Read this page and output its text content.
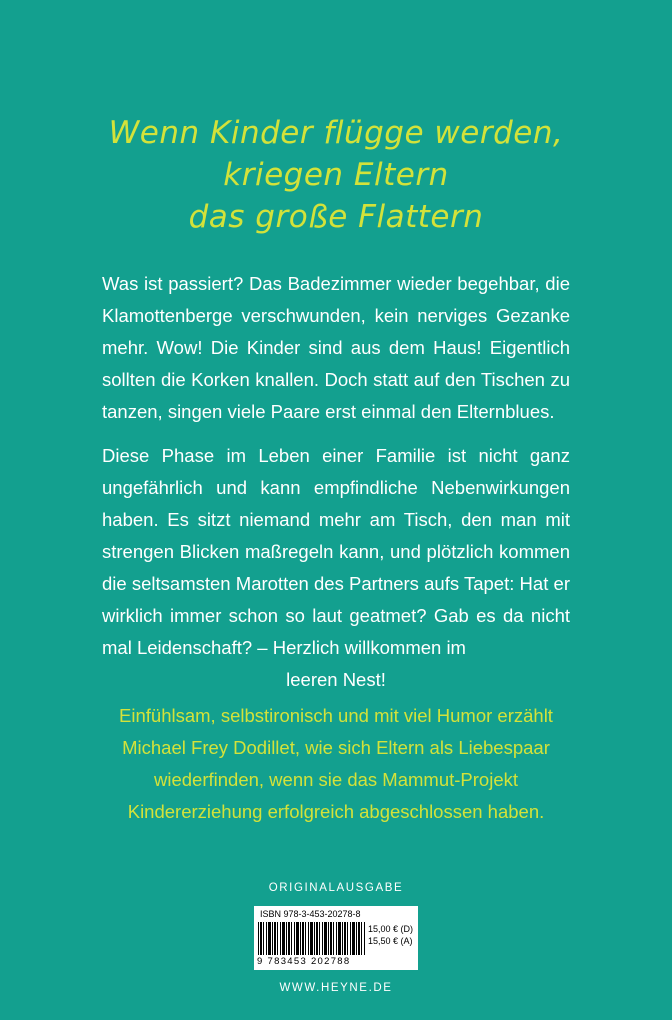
Wenn Kinder flügge werden,
kriegen Eltern
das große Flattern

Was ist passiert? Das Badezimmer wieder begehbar, die Klamottenberge verschwunden, kein nerviges Gezanke mehr. Wow! Die Kinder sind aus dem Haus! Eigentlich sollten die Korken knallen. Doch statt auf den Tischen zu tanzen, singen viele Paare erst einmal den Elternblues.

Diese Phase im Leben einer Familie ist nicht ganz ungefährlich und kann empfindliche Nebenwirkungen haben. Es sitzt niemand mehr am Tisch, den man mit strengen Blicken maßregeln kann, und plötzlich kommen die seltsamsten Marotten des Partners aufs Tapet: Hat er wirklich immer schon so laut geatmet? Gab es da nicht mal Leidenschaft? – Herzlich willkommen im
leeren Nest!
Einfühlsam, selbstironisch und mit viel Humor erzählt
Michael Frey Dodillet, wie sich Eltern als Liebespaar
wiederfinden, wenn sie das Mammut-Projekt
Kindererziehung erfolgreich abgeschlossen haben.
ORIGINALAUSGABE
ISBN 978-3-453-20278-8
9 783453 202788
15,00 € (D)
15,50 € (A)
WWW.HEYNE.DE
